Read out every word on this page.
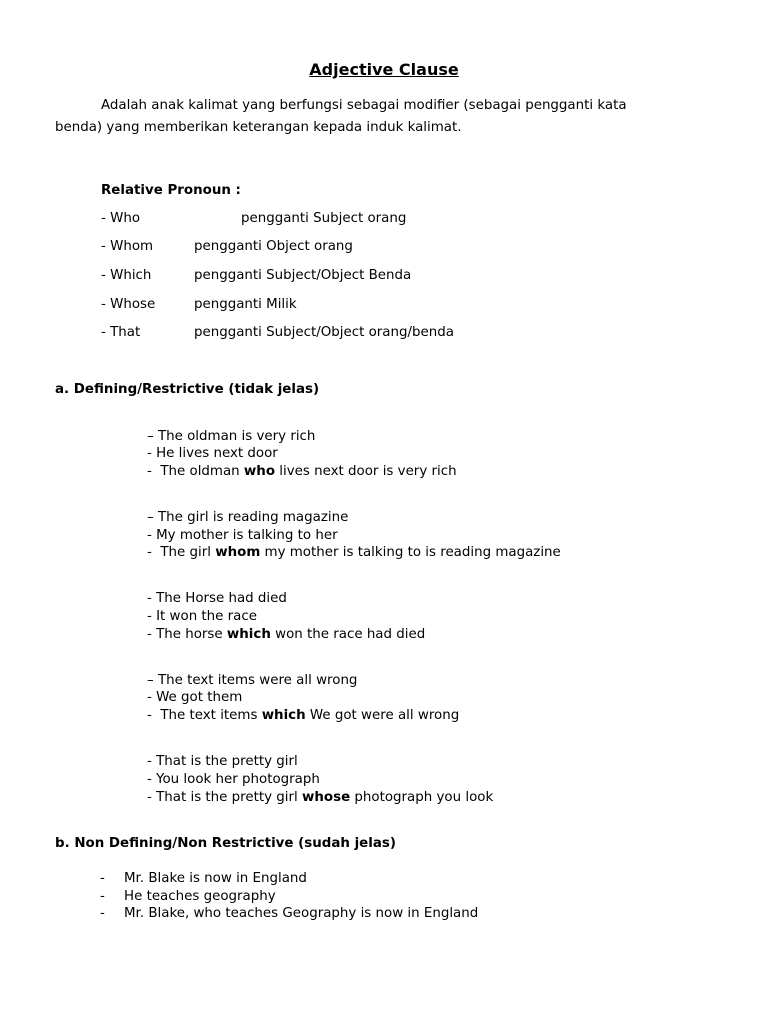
Adjective Clause
Adalah anak kalimat yang berfungsi sebagai modifier (sebagai pengganti kata
benda) yang memberikan keterangan kepada induk kalimat.
Relative Pronoun :
- Who	pengganti Subject orang
- Whom	pengganti Object orang
- Which	pengganti Subject/Object Benda
- Whose	pengganti Milik
- That	pengganti Subject/Object orang/benda
a. Defining/Restrictive (tidak jelas)
– The oldman is very rich
- He lives next door
-  The oldman who lives next door is very rich
– The girl is reading magazine
- My mother is talking to her
-  The girl whom my mother is talking to is reading magazine
- The Horse had died
- It won the race
- The horse which won the race had died
– The text items were all wrong
- We got them
-  The text items which We got were all wrong
- That is the pretty girl
- You look her photograph
- That is the pretty girl whose photograph you look
b. Non Defining/Non Restrictive (sudah jelas)
- Mr. Blake is now in England
- He teaches geography
- Mr. Blake, who teaches Geography is now in England
